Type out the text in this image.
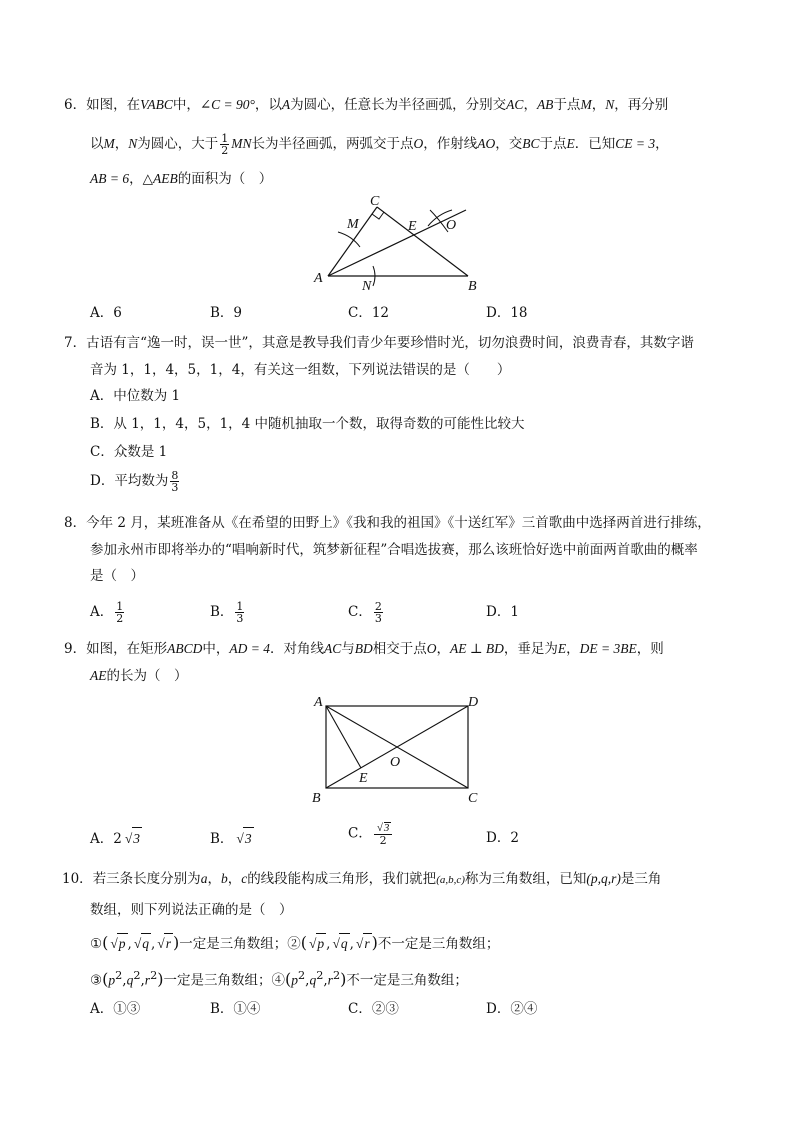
6．如图，在VABC中，∠C = 90°，以A为圆心，任意长为半径画弧，分别交AC，AB于点M，N，再分别
以M，N为圆心，大于 $\frac{1}{2}$ MN长为半径画弧，两弧交于点O，作射线AO，交BC于点E．已知CE = 3，
AB = 6，△AEB的面积为（　）
C
M	E O
A
N	B
A．6	B．9	C．12	D．18
7．古语有言“逸一时，误一世”，其意是教导我们青少年要珍惜时光，切勿浪费时间，浪费青春，其数字谐
音为 1，1，4，5，1，4，有关这一组数，下列说法错误的是（　　）
A．中位数为 1
B．从 1，1，4，5，1，4 中随机抽取一个数，取得奇数的可能性比较大
C．众数是 1
D．平均数为 $\frac{8}{3}$
8．今年 2 月，某班准备从《在希望的田野上》《我和我的祖国》《十送红军》三首歌曲中选择两首进行排练，
参加永州市即将举办的“唱响新时代，筑梦新征程”合唱选拔赛，那么该班恰好选中前面两首歌曲的概率
是（　）
A． $\frac{1}{2}$	B． $\frac{1}{3}$	C． $\frac{2}{3}$	D．1
9．如图，在矩形ABCD中，AD = 4．对角线AC与BD相交于点O，AE ⊥ BD，垂足为E，DE = 3BE，则
AE的长为（　）
A	D
O
E
B	C
A．2 √ 3	B． √ 3	C． √ $\frac{3}{2}$	D．2
10．若三条长度分别为a，b，c的线段能构成三角形，我们就把(a,b,c)称为三角数组，已知(p,q,r)是三角
数组，则下列说法正确的是（　）
①( √ p , √ q , √ r )一定是三角数组；②( √ p , √ q , √ r )不一定是三角数组；
$③(p^2,q^2,r^2)$一定是三角数组；$④(p^2,q^2,r^2)$不一定是三角数组；
A．①③	B．①④	C．②③	D．②④
